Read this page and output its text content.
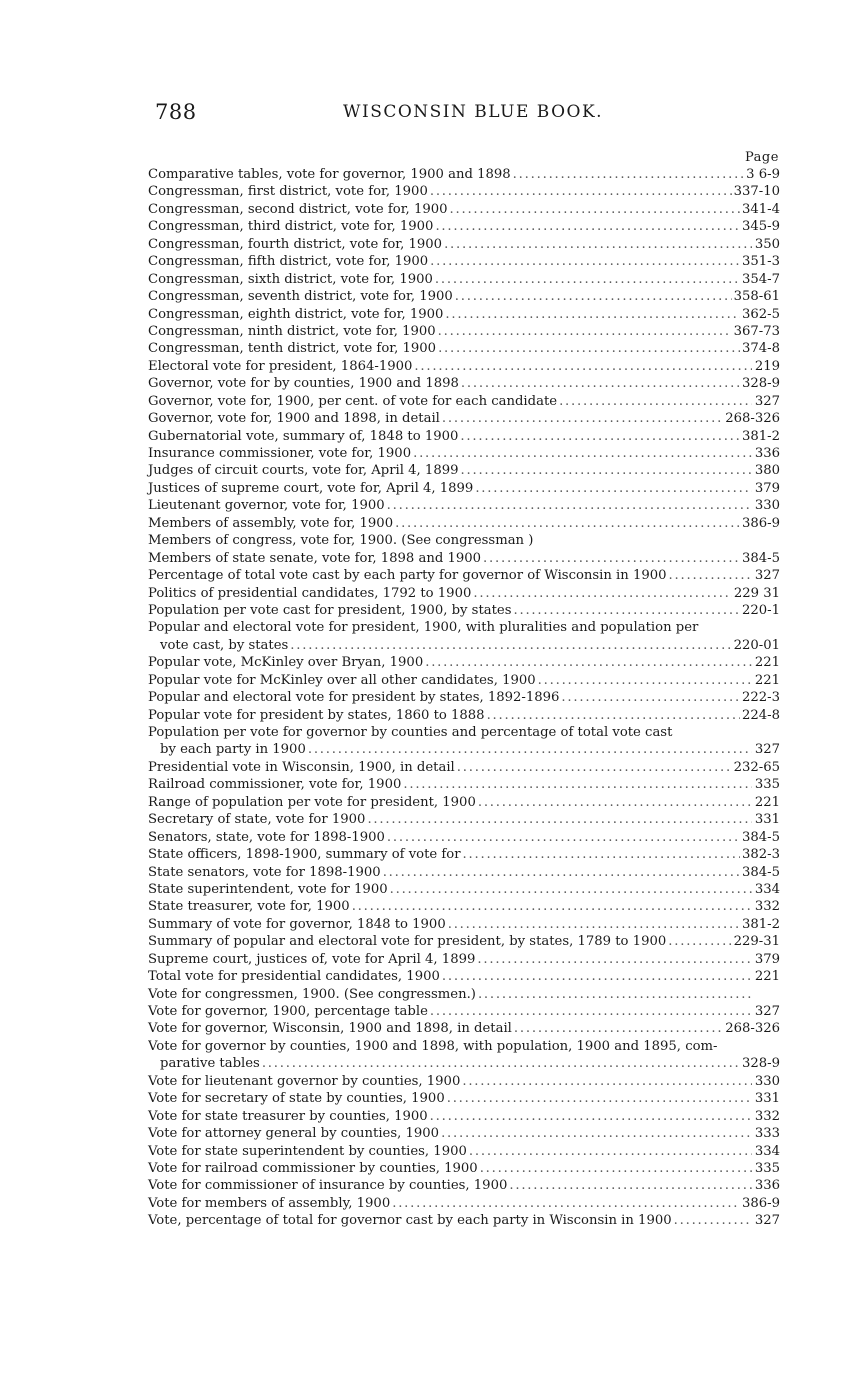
788	WISCONSIN BLUE BOOK.
Page
Comparative tables, vote for governor, 1900 and 1898 . . .	3 6-9
Congressman, first district, vote for, 1900 . . .	337-10
Congressman, second district, vote for, 1900 . . .	341-4
Congressman, third district, vote for, 1900 . . .	345-9
Congressman, fourth district, vote for, 1900 . . .	350
Congressman, fifth district, vote for, 1900 . . .	351-3
Congressman, sixth district, vote for, 1900 . . .	354-7
Congressman, seventh district, vote for, 1900 . . .	358-61
Congressman, eighth district, vote for, 1900 . . .	362-5
Congressman, ninth district, vote for, 1900 . . .	367-73
Congressman, tenth district, vote for, 1900 . . .	374-8
Electoral vote for president, 1864-1900 . . .	219
Governor, vote for by counties, 1900 and 1898 . . .	328-9
Governor, vote for, 1900, per cent. of vote for each candidate . . .	327
Governor, vote for, 1900 and 1898, in detail . . .	268-326
Gubernatorial vote, summary of, 1848 to 1900 . . .	381-2
Insurance commissioner, vote for, 1900 . . .	336
Judges of circuit courts, vote for, April 4, 1899 . . .	380
Justices of supreme court, vote for, April 4, 1899 . . .	379
Lieutenant governor, vote for, 1900 . . .	330
Members of assembly, vote for, 1900 . . .	386-9
Members of congress, vote for, 1900. (See congressman )
Members of state senate, vote for, 1898 and 1900 . . .	384-5
Percentage of total vote cast by each party for governor of Wisconsin in 1900 . . .	327
Politics of presidential candidates, 1792 to 1900 . . .	229 31
Population per vote cast for president, 1900, by states . . .	220-1
Popular and electoral vote for president, 1900, with pluralities and population per
vote cast, by states . . .	220-01
Popular vote, McKinley over Bryan, 1900 . . .	221
Popular vote for McKinley over all other candidates, 1900 . . .	221
Popular and electoral vote for president by states, 1892-1896 . . .	222-3
Popular vote for president by states, 1860 to 1888 . . .	224-8
Population per vote for governor by counties and percentage of total vote cast
by each party in 1900 . . .	327
Presidential vote in Wisconsin, 1900, in detail . . .	232-65
Railroad commissioner, vote for, 1900 . . .	335
Range of population per vote for president, 1900 . . .	221
Secretary of state, vote for 1900 . . .	331
Senators, state, vote for 1898-1900 . . .	384-5
State officers, 1898-1900, summary of vote for . . .	382-3
State senators, vote for 1898-1900 . . .	384-5
State superintendent, vote for 1900 . . .	334
State treasurer, vote for, 1900 . . .	332
Summary of vote for governor, 1848 to 1900 . . .	381-2
Summary of popular and electoral vote for president, by states, 1789 to 1900 . . .	229-31
Supreme court, justices of, vote for April 4, 1899 . . .	379
Total vote for presidential candidates, 1900 . . .	221
Vote for congressmen, 1900. (See congressmen.)
. . .
Vote for governor, 1900, percentage table . . .	327
Vote for governor, Wisconsin, 1900 and 1898, in detail . . .	268-326
Vote for governor by counties, 1900 and 1898, with population, 1900 and 1895, com-
parative tables . . .	328-9
Vote for lieutenant governor by counties, 1900 . . .	330
Vote for secretary of state by counties, 1900 . . .	331
Vote for state treasurer by counties, 1900 . . .	332
Vote for attorney general by counties, 1900 . . .	333
Vote for state superintendent by counties, 1900 . . .	334
Vote for railroad commissioner by counties, 1900 . . .	335
Vote for commissioner of insurance by counties, 1900 . . .	336
Vote for members of assembly, 1900 . . .	386-9
Vote, percentage of total for governor cast by each party in Wisconsin in 1900 . . .	327
